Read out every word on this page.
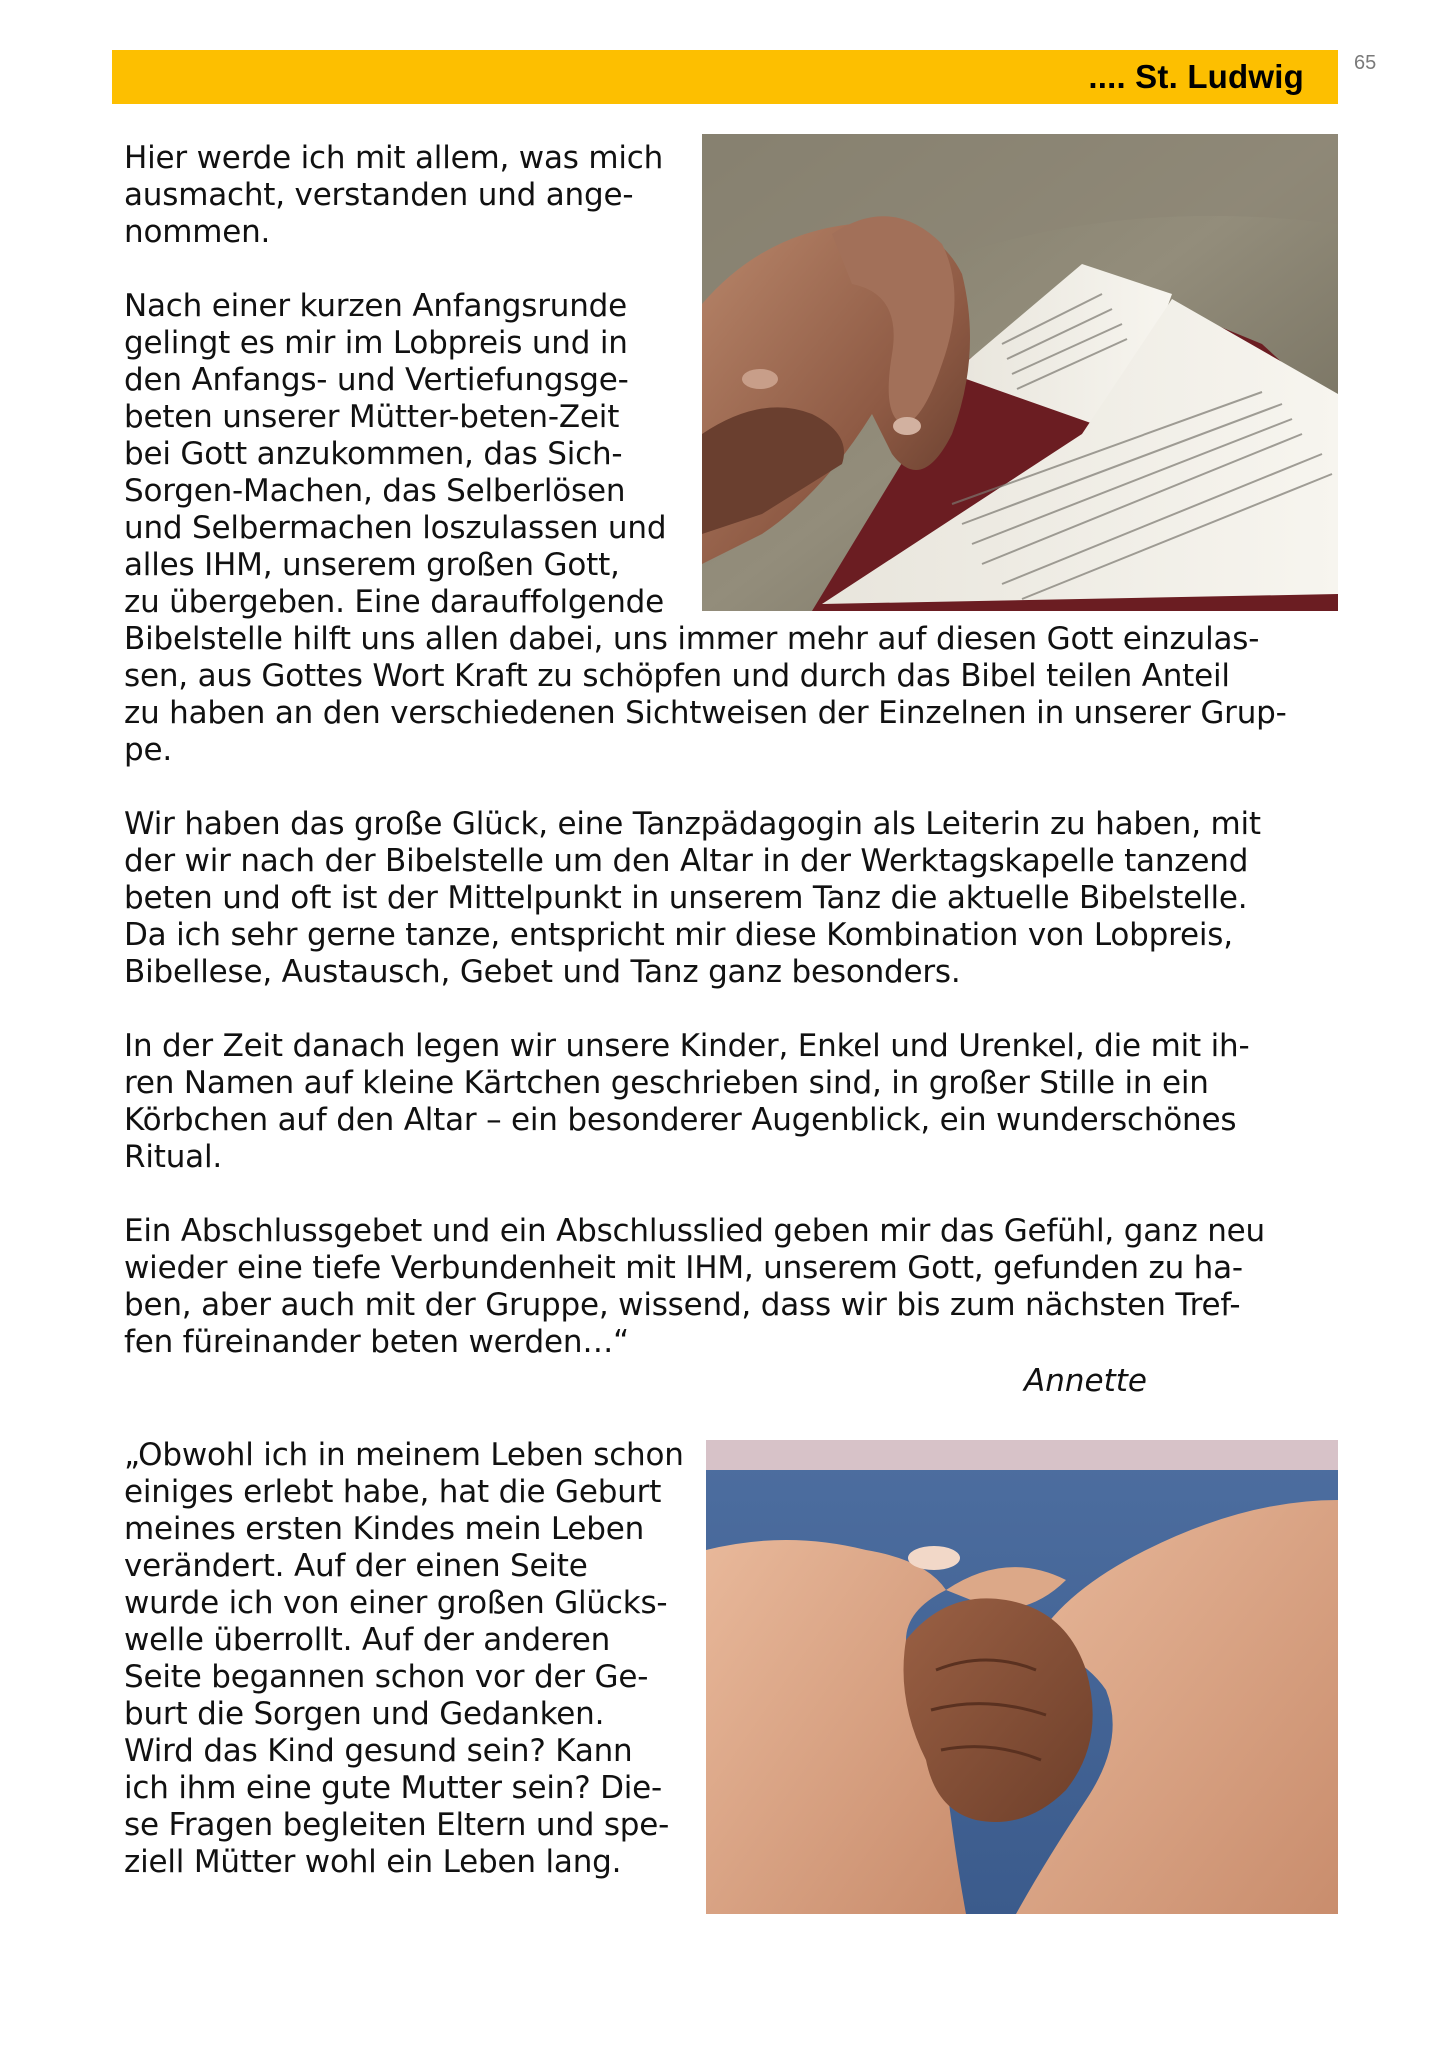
.... St. Ludwig	65
Hier werde ich mit allem, was mich
ausmacht, verstanden und ange-
nommen.
Nach einer kurzen Anfangsrunde
gelingt es mir im Lobpreis und in
den Anfangs- und Vertiefungsge-
beten unserer Mütter-beten-Zeit
bei Gott anzukommen, das Sich-
Sorgen-Machen, das Selberlösen
und Selbermachen loszulassen und
alles IHM, unserem großen Gott,
zu übergeben. Eine darauffolgende
Bibelstelle hilft uns allen dabei, uns immer mehr auf diesen Gott einzulas-
sen, aus Gottes Wort Kraft zu schöpfen und durch das Bibel teilen Anteil
zu haben an den verschiedenen Sichtweisen der Einzelnen in unserer Grup-
pe.
Wir haben das große Glück, eine Tanzpädagogin als Leiterin zu haben, mit
der wir nach der Bibelstelle um den Altar in der Werktagskapelle tanzend
beten und oft ist der Mittelpunkt in unserem Tanz die aktuelle Bibelstelle.
Da ich sehr gerne tanze, entspricht mir diese Kombination von Lobpreis,
Bibellese, Austausch, Gebet und Tanz ganz besonders.
In der Zeit danach legen wir unsere Kinder, Enkel und Urenkel, die mit ih-
ren Namen auf kleine Kärtchen geschrieben sind, in großer Stille in ein
Körbchen auf den Altar – ein besonderer Augenblick, ein wunderschönes
Ritual.
Ein Abschlussgebet und ein Abschlusslied geben mir das Gefühl, ganz neu
wieder eine tiefe Verbundenheit mit IHM, unserem Gott, gefunden zu ha-
ben, aber auch mit der Gruppe, wissend, dass wir bis zum nächsten Tref-
fen füreinander beten werden…“
Annette
„Obwohl ich in meinem Leben schon
einiges erlebt habe, hat die Geburt
meines ersten Kindes mein Leben
verändert. Auf der einen Seite
wurde ich von einer großen Glücks-
welle überrollt. Auf der anderen
Seite begannen schon vor der Ge-
burt die Sorgen und Gedanken.
Wird das Kind gesund sein? Kann
ich ihm eine gute Mutter sein? Die-
se Fragen begleiten Eltern und spe-
ziell Mütter wohl ein Leben lang.
